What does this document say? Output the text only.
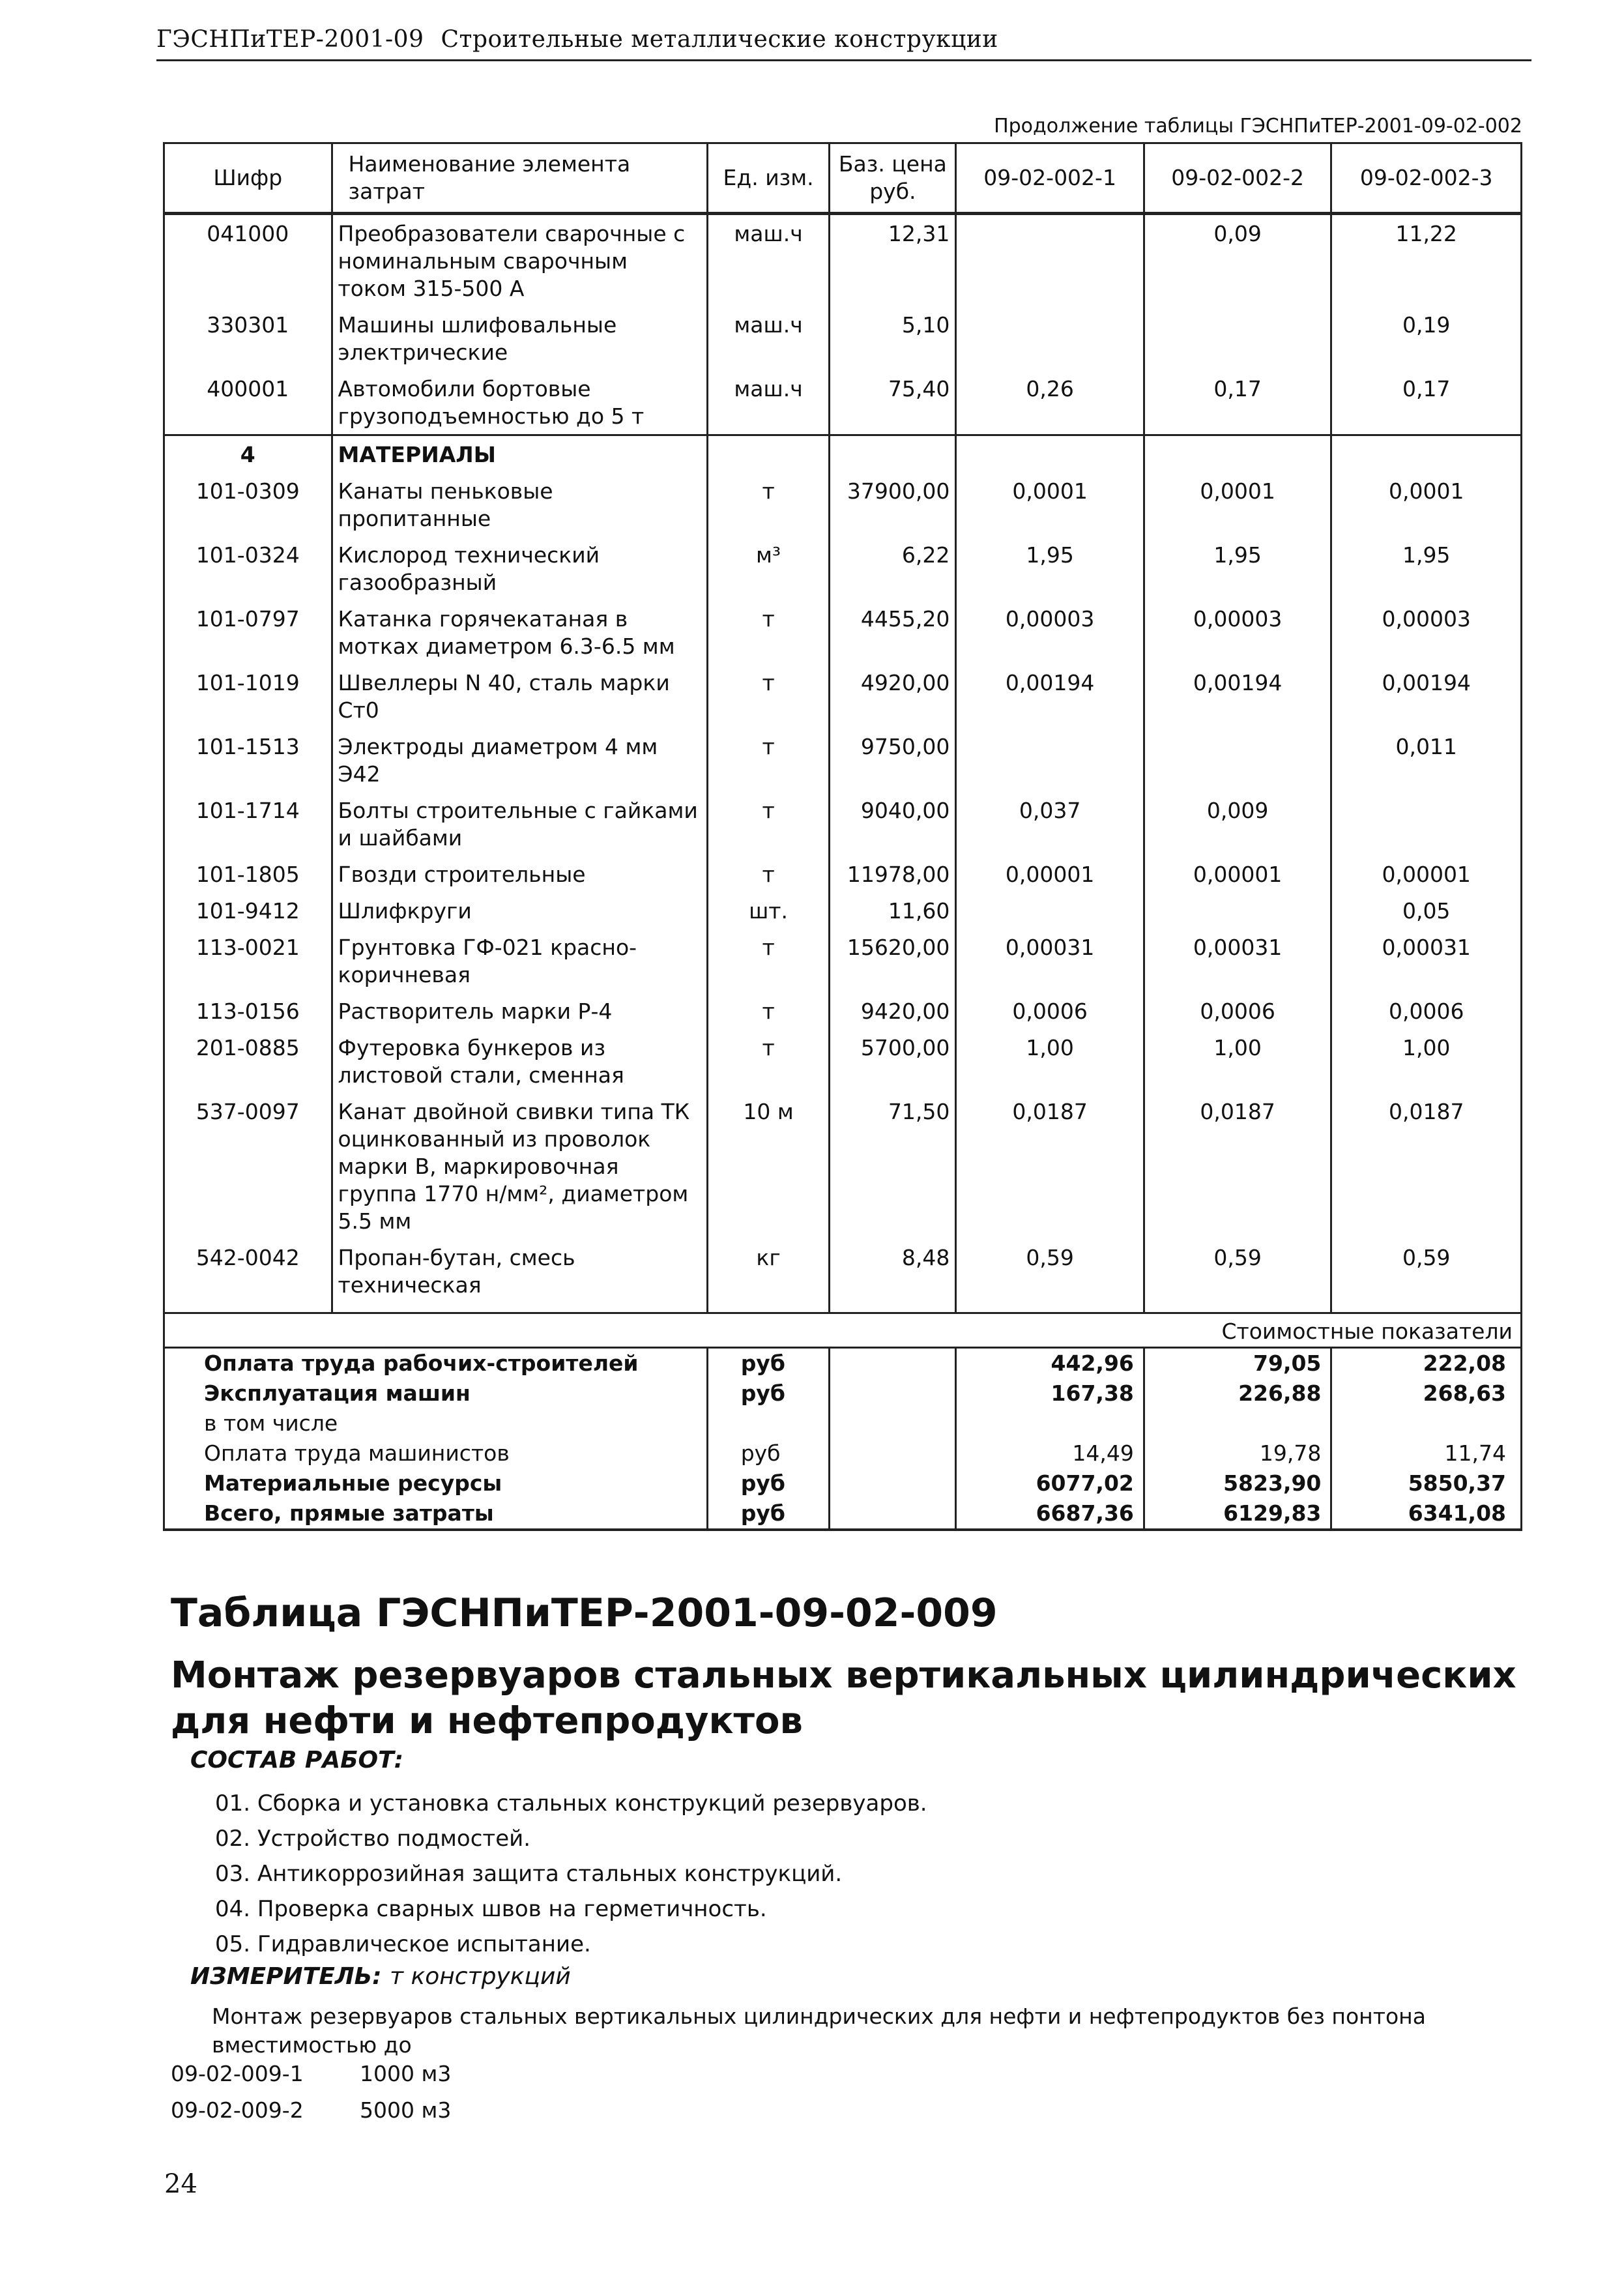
ГЭСНПиТЕР-2001-09 Строительные металлические конструкции
Продолжение таблицы ГЭСНПиТЕР-2001-09-02-002
Шифр	Наименование элемента затрат	Ед. изм.	Баз. цена руб.	09-02-002-1	09-02-002-2	09-02-002-3
041000	Преобразователи сварочные с номинальным сварочным током 315-500 А	маш.ч	12,31		0,09	11,22
330301	Машины шлифовальные электрические	маш.ч	5,10			0,19
400001	Автомобили бортовые грузоподъемностью до 5 т	маш.ч	75,40	0,26	0,17	0,17
4	МАТЕРИАЛЫ					
101-0309	Канаты пеньковые пропитанные	т	37900,00	0,0001	0,0001	0,0001
101-0324	Кислород технический газообразный	м³	6,22	1,95	1,95	1,95
101-0797	Катанка горячекатаная в мотках диаметром 6.3-6.5 мм	т	4455,20	0,00003	0,00003	0,00003
101-1019	Швеллеры N 40, сталь марки Ст0	т	4920,00	0,00194	0,00194	0,00194
101-1513	Электроды диаметром 4 мм Э42	т	9750,00			0,011
101-1714	Болты строительные с гайками и шайбами	т	9040,00	0,037	0,009	
101-1805	Гвозди строительные	т	11978,00	0,00001	0,00001	0,00001
101-9412	Шлифкруги	шт.	11,60			0,05
113-0021	Грунтовка ГФ-021 красно-коричневая	т	15620,00	0,00031	0,00031	0,00031
113-0156	Растворитель марки Р-4	т	9420,00	0,0006	0,0006	0,0006
201-0885	Футеровка бункеров из листовой стали, сменная	т	5700,00	1,00	1,00	1,00
537-0097	Канат двойной свивки типа ТК оцинкованный из проволок марки В, маркировочная группа 1770 н/мм², диаметром 5.5 мм	10 м	71,50	0,0187	0,0187	0,0187
542-0042	Пропан-бутан, смесь техническая	кг	8,48	0,59	0,59	0,59

Стоимостные показатели						
Оплата труда рабочих-строителей		руб		442,96	79,05	222,08
Эксплуатация машин		руб		167,38	226,88	268,63
в том числе						
Оплата труда машинистов		руб		14,49	19,78	11,74
Материальные ресурсы		руб		6077,02	5823,90	5850,37
Всего, прямые затраты		руб		6687,36	6129,83	6341,08
Таблица ГЭСНПиТЕР-2001-09-02-009
Монтаж резервуаров стальных вертикальных цилиндрических для нефти и нефтепродуктов
СОСТАВ РАБОТ:
01. Сборка и установка стальных конструкций резервуаров.
02. Устройство подмостей.
03. Антикоррозийная защита стальных конструкций.
04. Проверка сварных швов на герметичность.
05. Гидравлическое испытание.
ИЗМЕРИТЕЛЬ: т конструкций
Монтаж резервуаров стальных вертикальных цилиндрических для нефти и нефтепродуктов без понтона вместимостью до
09-02-009-1	1000 м3
09-02-009-2	5000 м3
24
